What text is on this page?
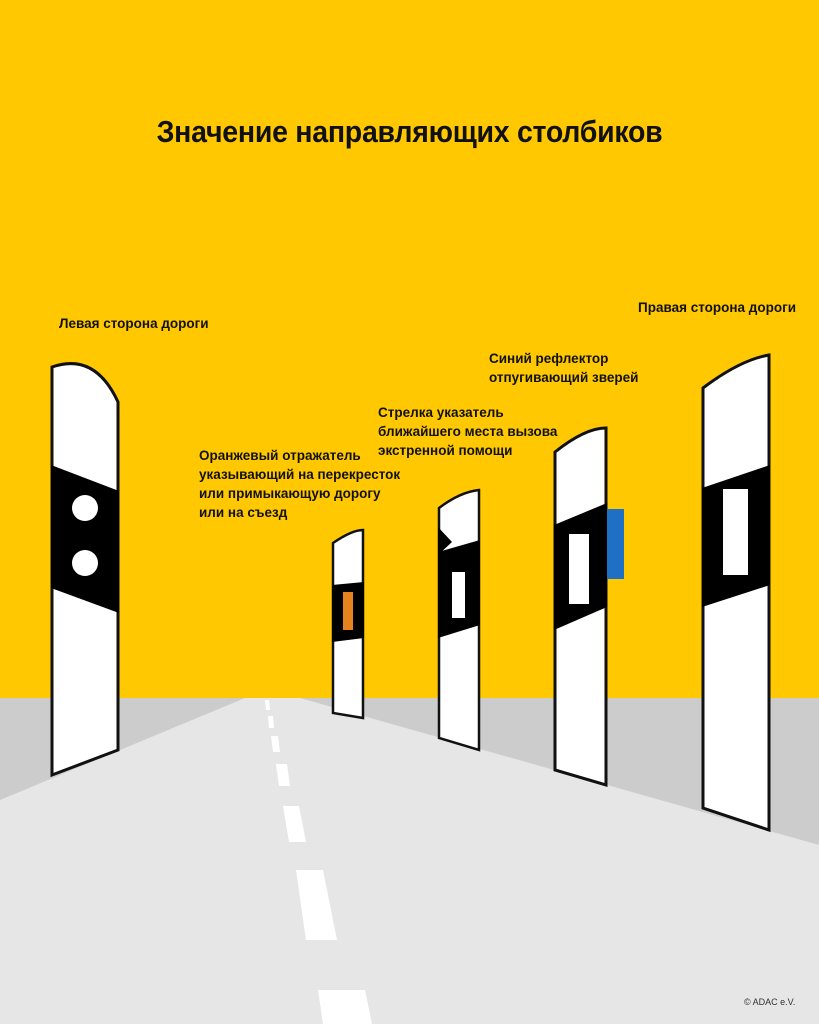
Значение направляющих столбиков
Левая сторона дороги
Оранжевый отражатель
указывающий на перекресток
или примыкающую дорогу
или на съезд
Стрелка указатель
ближайшего места вызова
экстренной помощи
Синий рефлектор
отпугивающий зверей
Правая сторона дороги
© ADAC e.V.
